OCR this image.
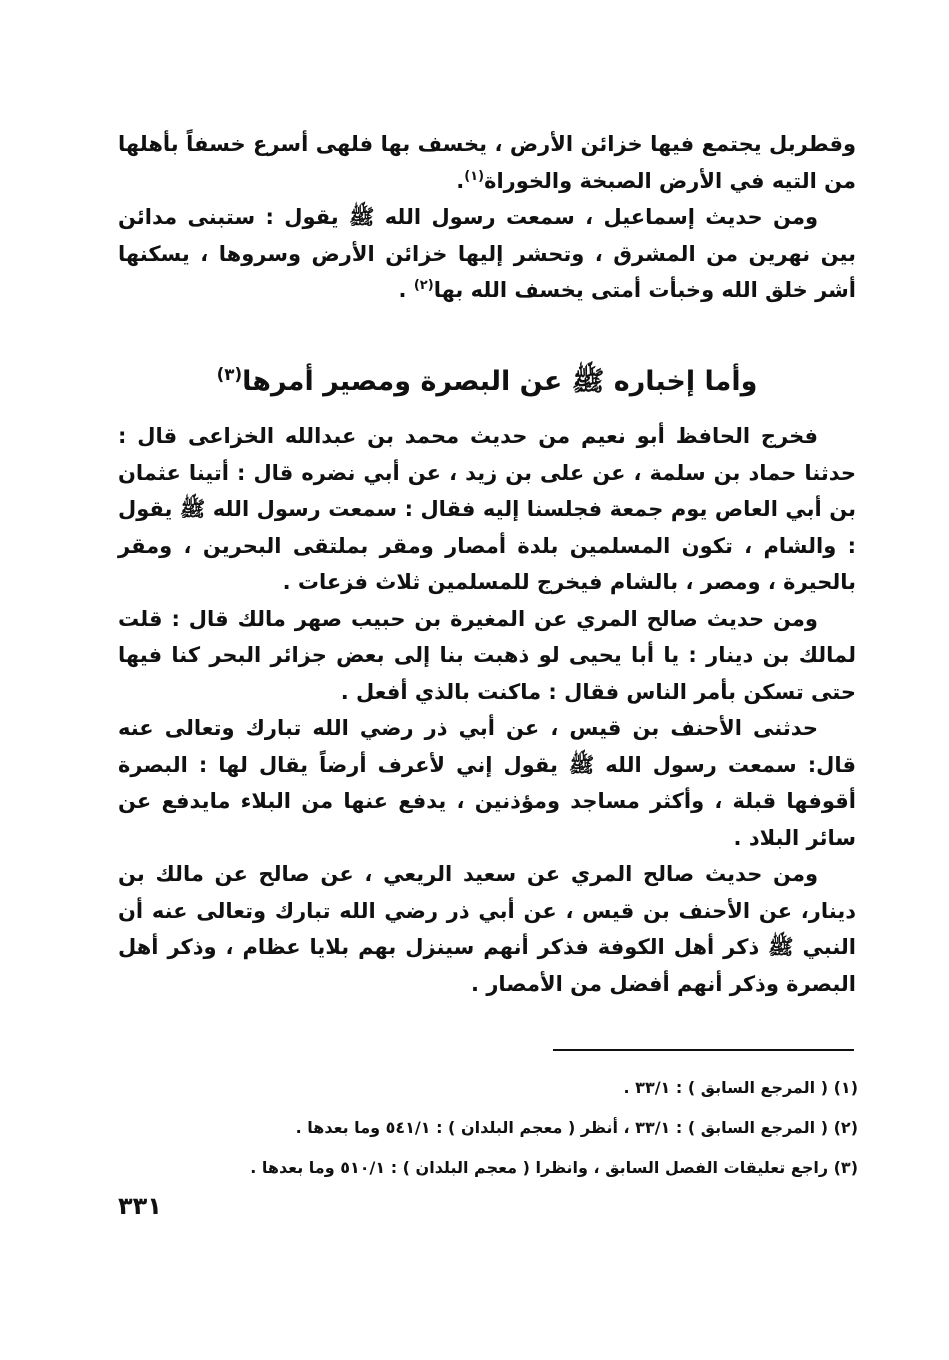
وقطربل يجتمع فيها خزائن الأرض ، يخسف بها فلهى أسرع خسفاً بأهلها من التيه في الأرض الصبخة والخوراة$^{(١)}$.

ومن حديث إسماعيل ، سمعت رسول الله ﷺ يقول : ستبنى مدائن بين نهرين من المشرق ، وتحشر إليها خزائن الأرض وسروها ، يسكنها أشر خلق الله وخبأت أمتى يخسف الله بها$^{(٢)}$ .

وأما إخباره ﷺ عن البصرة ومصير أمرها$^{(٣)}$

فخرج الحافظ أبو نعيم من حديث محمد بن عبدالله الخزاعى قال : حدثنا حماد بن سلمة ، عن على بن زيد ، عن أبي نضره قال : أتينا عثمان بن أبي العاص يوم جمعة فجلسنا إليه فقال : سمعت رسول الله ﷺ يقول : والشام ، تكون المسلمين بلدة أمصار ومقر بملتقى البحرين ، ومقر بالحيرة ، ومصر ، بالشام فيخرج للمسلمين ثلاث فزعات .

ومن حديث صالح المري عن المغيرة بن حبيب صهر مالك قال : قلت لمالك بن دينار : يا أبا يحيى لو ذهبت بنا إلى بعض جزائر البحر كنا فيها حتى تسكن بأمر الناس فقال : ماكنت بالذي أفعل .

حدثنى الأحنف بن قيس ، عن أبي ذر رضي الله تبارك وتعالى عنه قال: سمعت رسول الله ﷺ يقول إني لأعرف أرضاً يقال لها : البصرة أقوفها قبلة ، وأكثر مساجد ومؤذنين ، يدفع عنها من البلاء مايدفع عن سائر البلاد .

ومن حديث صالح المري عن سعيد الريعي ، عن صالح عن مالك بن دينار، عن الأحنف بن قيس ، عن أبي ذر رضي الله تبارك وتعالى عنه أن النبي ﷺ ذكر أهل الكوفة فذكر أنهم سينزل بهم بلايا عظام ، وذكر أهل البصرة وذكر أنهم أفضل من الأمصار .

(١) ( المرجع السابق ) : ٣٣/١ .

(٢) ( المرجع السابق ) : ٣٣/١ ، أنظر ( معجم البلدان ) : ٥٤١/١ وما بعدها .

(٣) راجع تعليقات الفصل السابق ، وانظرا ( معجم البلدان ) : ٥١٠/١ وما بعدها .

٣٣١
